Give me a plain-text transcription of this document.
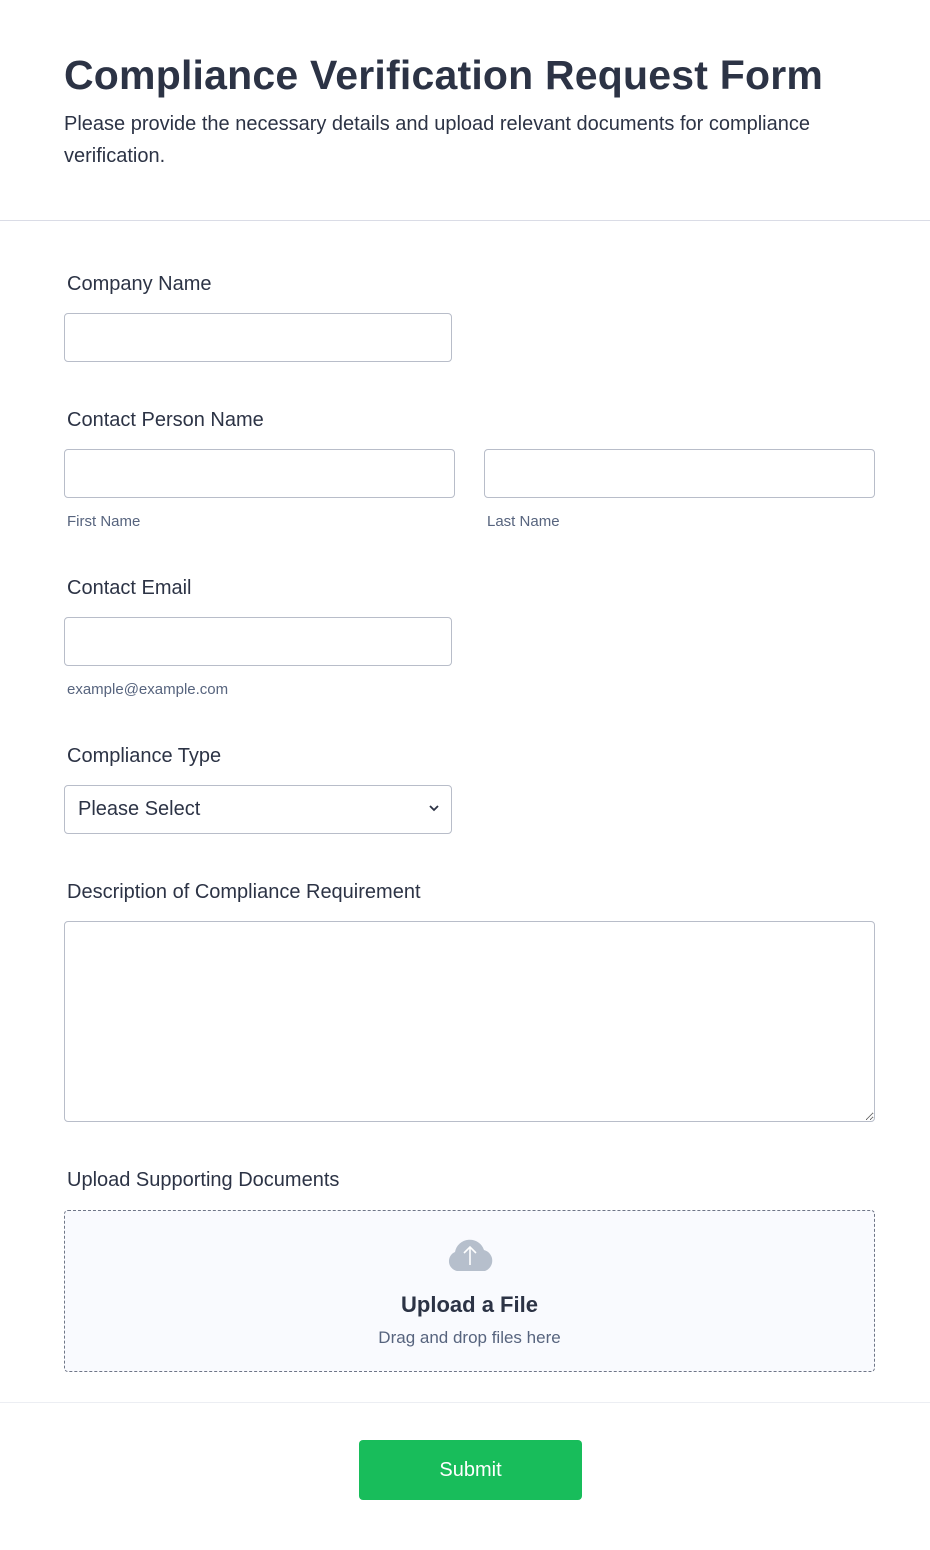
Compliance Verification Request Form

Please provide the necessary details and upload relevant documents for compliance verification.

Company Name
Contact Person Name
First Name	Last Name
Contact Email
example@example.com
Compliance Type
Please Select
Description of Compliance Requirement
Upload Supporting Documents
Upload a File
Drag and drop files here
Submit
